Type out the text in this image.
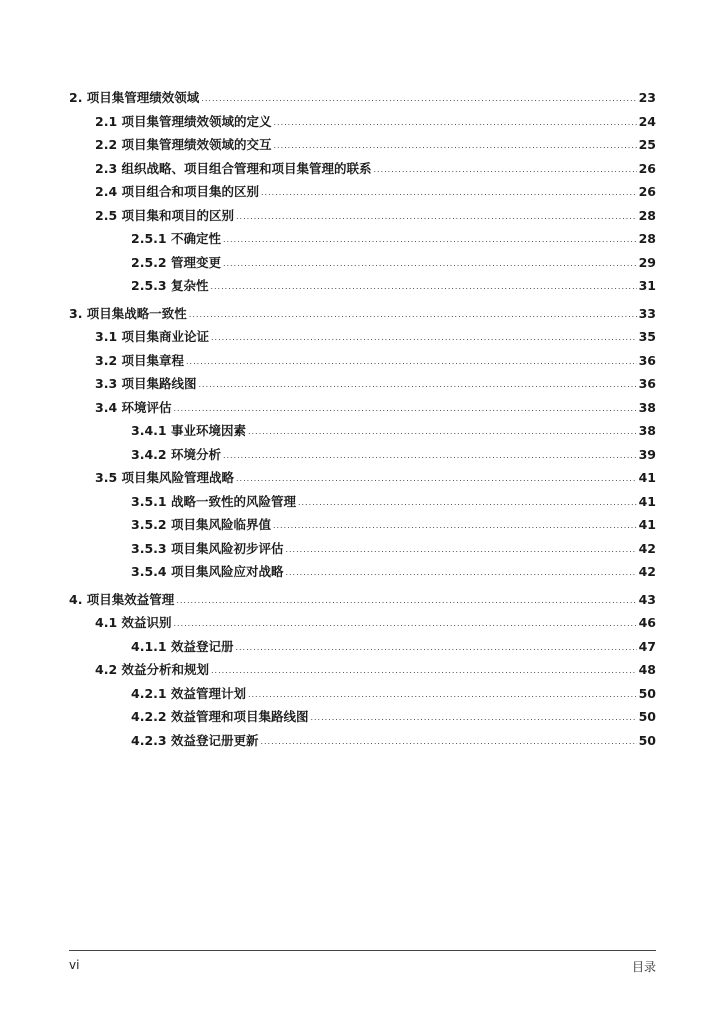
2. 项目集管理绩效领域 .....	23
2.1 项目集管理绩效领域的定义 .....	24
2.2 项目集管理绩效领域的交互 .....	25
2.3 组织战略、项目组合管理和项目集管理的联系 .....	26
2.4 项目组合和项目集的区别 .....	26
2.5 项目集和项目的区别 .....	28
2.5.1 不确定性 .....	28
2.5.2 管理变更 .....	29
2.5.3 复杂性 .....	31
3. 项目集战略一致性 .....	33
3.1 项目集商业论证 .....	35
3.2 项目集章程 .....	36
3.3 项目集路线图 .....	36
3.4 环境评估 .....	38
3.4.1 事业环境因素 .....	38
3.4.2 环境分析 .....	39
3.5 项目集风险管理战略 .....	41
3.5.1 战略一致性的风险管理 .....	41
3.5.2 项目集风险临界值 .....	41
3.5.3 项目集风险初步评估 .....	42
3.5.4 项目集风险应对战略 .....	42
4. 项目集效益管理 .....	43
4.1 效益识别 .....	46
4.1.1 效益登记册 .....	47
4.2 效益分析和规划 .....	48
4.2.1 效益管理计划 .....	50
4.2.2 效益管理和项目集路线图 .....	50
4.2.3 效益登记册更新 .....	50
vi	目录
